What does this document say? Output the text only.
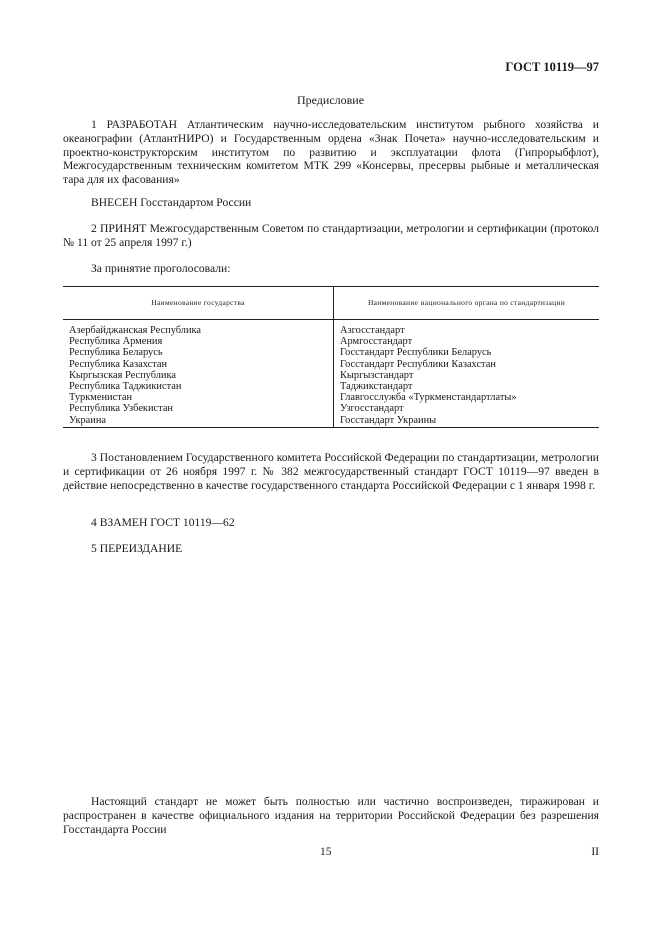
ГОСТ 10119—97
Предисловие

1 РАЗРАБОТАН Атлантическим научно-исследовательским институтом рыбного хозяйства и океанографии (АтлантНИРО) и Государственным ордена «Знак Почета» научно-исследовательским и проектно-конструкторским институтом по развитию и эксплуатации флота (Гипрорыбфлот), Межгосударственным техническим комитетом МТК 299 «Консервы, пресервы рыбные и металлическая тара для их фасования»

ВНЕСЕН Госстандартом России

2 ПРИНЯТ Межгосударственным Советом по стандартизации, метрологии и сертификации (протокол № 11 от 25 апреля 1997 г.)

За принятие проголосовали:

Наименование государства	Наименование национального органа по стандартизации
Азербайджанская Республика	Азгосстандарт
Республика Армения	Армгосстандарт
Республика Беларусь	Госстандарт Республики Беларусь
Республика Казахстан	Госстандарт Республики Казахстан
Кыргызская Республика	Кыргызстандарт
Республика Таджикистан	Таджикстандарт
Туркменистан	Главгосслужба «Туркменстандартлаты»
Республика Узбекистан	Узгосстандарт
Украина	Госстандарт Украины

3 Постановлением Государственного комитета Российской Федерации по стандартизации, метрологии и сертификации от 26 ноября 1997 г. № 382 межгосударственный стандарт ГОСТ 10119—97 введен в действие непосредственно в качестве государственного стандарта Российской Федерации с 1 января 1998 г.

4 ВЗАМЕН ГОСТ 10119—62

5 ПЕРЕИЗДАНИЕ

Настоящий стандарт не может быть полностью или частично воспроизведен, тиражирован и распространен в качестве официального издания на территории Российской Федерации без разрешения Госстандарта России

15	II
